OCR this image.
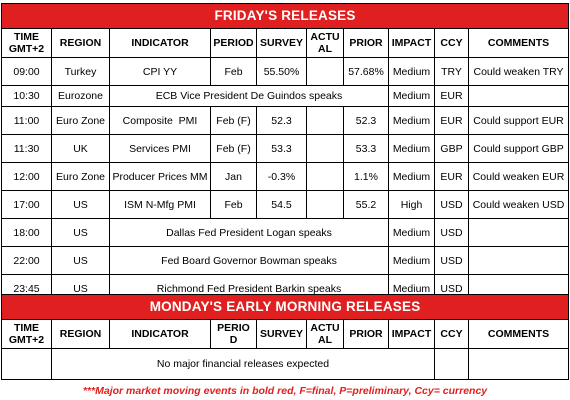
FRIDAY'S RELEASES									
TIME GMT+2	REGION	INDICATOR	PERIOD	SURVEY	ACTU AL	PRIOR	IMPACT	CCY	COMMENTS
09:00	Turkey	CPI YY	Feb	55.50%		57.68%	Medium	TRY	Could weaken TRY
10:30	Eurozone	ECB Vice President De Guindos speaks					Medium	EUR	
11:00	Euro Zone	Composite  PMI	Feb (F)	52.3		52.3	Medium	EUR	Could support EUR
11:30	UK	Services PMI	Feb (F)	53.3		53.3	Medium	GBP	Could support GBP
12:00	Euro Zone	Producer Prices MM	Jan	-0.3%		1.1%	Medium	EUR	Could weaken EUR
17:00	US	ISM N-Mfg PMI	Feb	54.5		55.2	High	USD	Could weaken USD
18:00	US	Dallas Fed President Logan speaks					Medium	USD	
22:00	US	Fed Board Governor Bowman speaks					Medium	USD	
23:45	US	Richmond Fed President Barkin speaks					Medium	USD	
MONDAY'S EARLY MORNING RELEASES									
TIME GMT+2	REGION	INDICATOR	PERIO D	SURVEY	ACTU AL	PRIOR	IMPACT	CCY	COMMENTS
	No major financial releases expected								
***Major market moving events in bold red, F=final, P=preliminary, Ccy= currency
